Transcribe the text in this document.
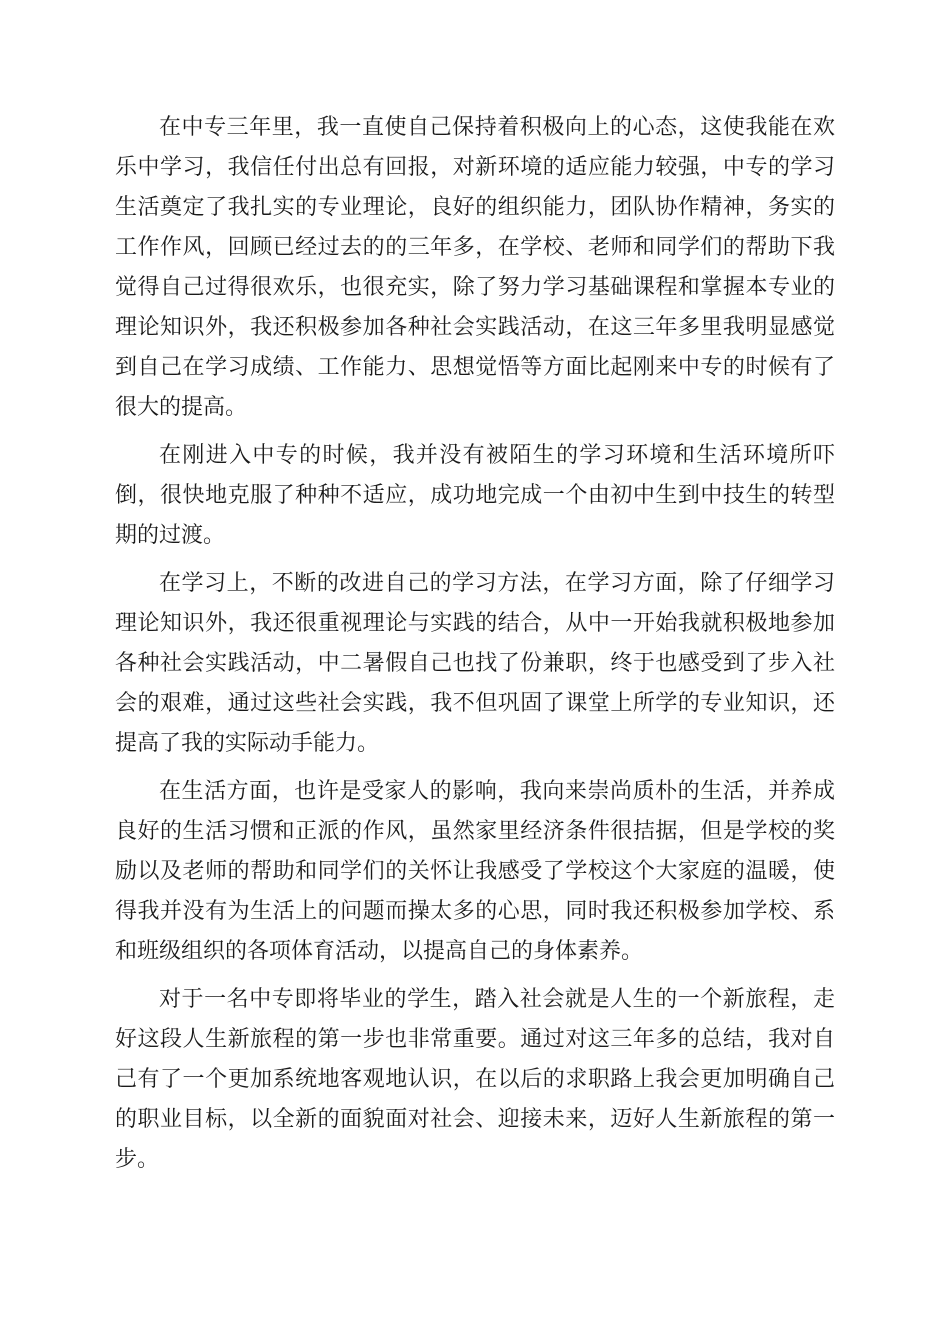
在中专三年里，我一直使自己保持着积极向上的心态，这使我能在欢乐中学习，我信任付出总有回报，对新环境的适应能力较强，中专的学习生活奠定了我扎实的专业理论，良好的组织能力，团队协作精神，务实的工作作风，回顾已经过去的的三年多，在学校、老师和同学们的帮助下我觉得自己过得很欢乐，也很充实，除了努力学习基础课程和掌握本专业的理论知识外，我还积极参加各种社会实践活动，在这三年多里我明显感觉到自己在学习成绩、工作能力、思想觉悟等方面比起刚来中专的时候有了很大的提高。

在刚进入中专的时候，我并没有被陌生的学习环境和生活环境所吓倒，很快地克服了种种不适应，成功地完成一个由初中生到中技生的转型期的过渡。

在学习上，不断的改进自己的学习方法，在学习方面，除了仔细学习理论知识外，我还很重视理论与实践的结合，从中一开始我就积极地参加各种社会实践活动，中二暑假自己也找了份兼职，终于也感受到了步入社会的艰难，通过这些社会实践，我不但巩固了课堂上所学的专业知识，还提高了我的实际动手能力。

在生活方面，也许是受家人的影响，我向来崇尚质朴的生活，并养成良好的生活习惯和正派的作风，虽然家里经济条件很拮据，但是学校的奖励以及老师的帮助和同学们的关怀让我感受了学校这个大家庭的温暖，使得我并没有为生活上的问题而操太多的心思，同时我还积极参加学校、系和班级组织的各项体育活动，以提高自己的身体素养。

对于一名中专即将毕业的学生，踏入社会就是人生的一个新旅程，走好这段人生新旅程的第一步也非常重要。通过对这三年多的总结，我对自己有了一个更加系统地客观地认识，在以后的求职路上我会更加明确自己的职业目标，以全新的面貌面对社会、迎接未来，迈好人生新旅程的第一步。
